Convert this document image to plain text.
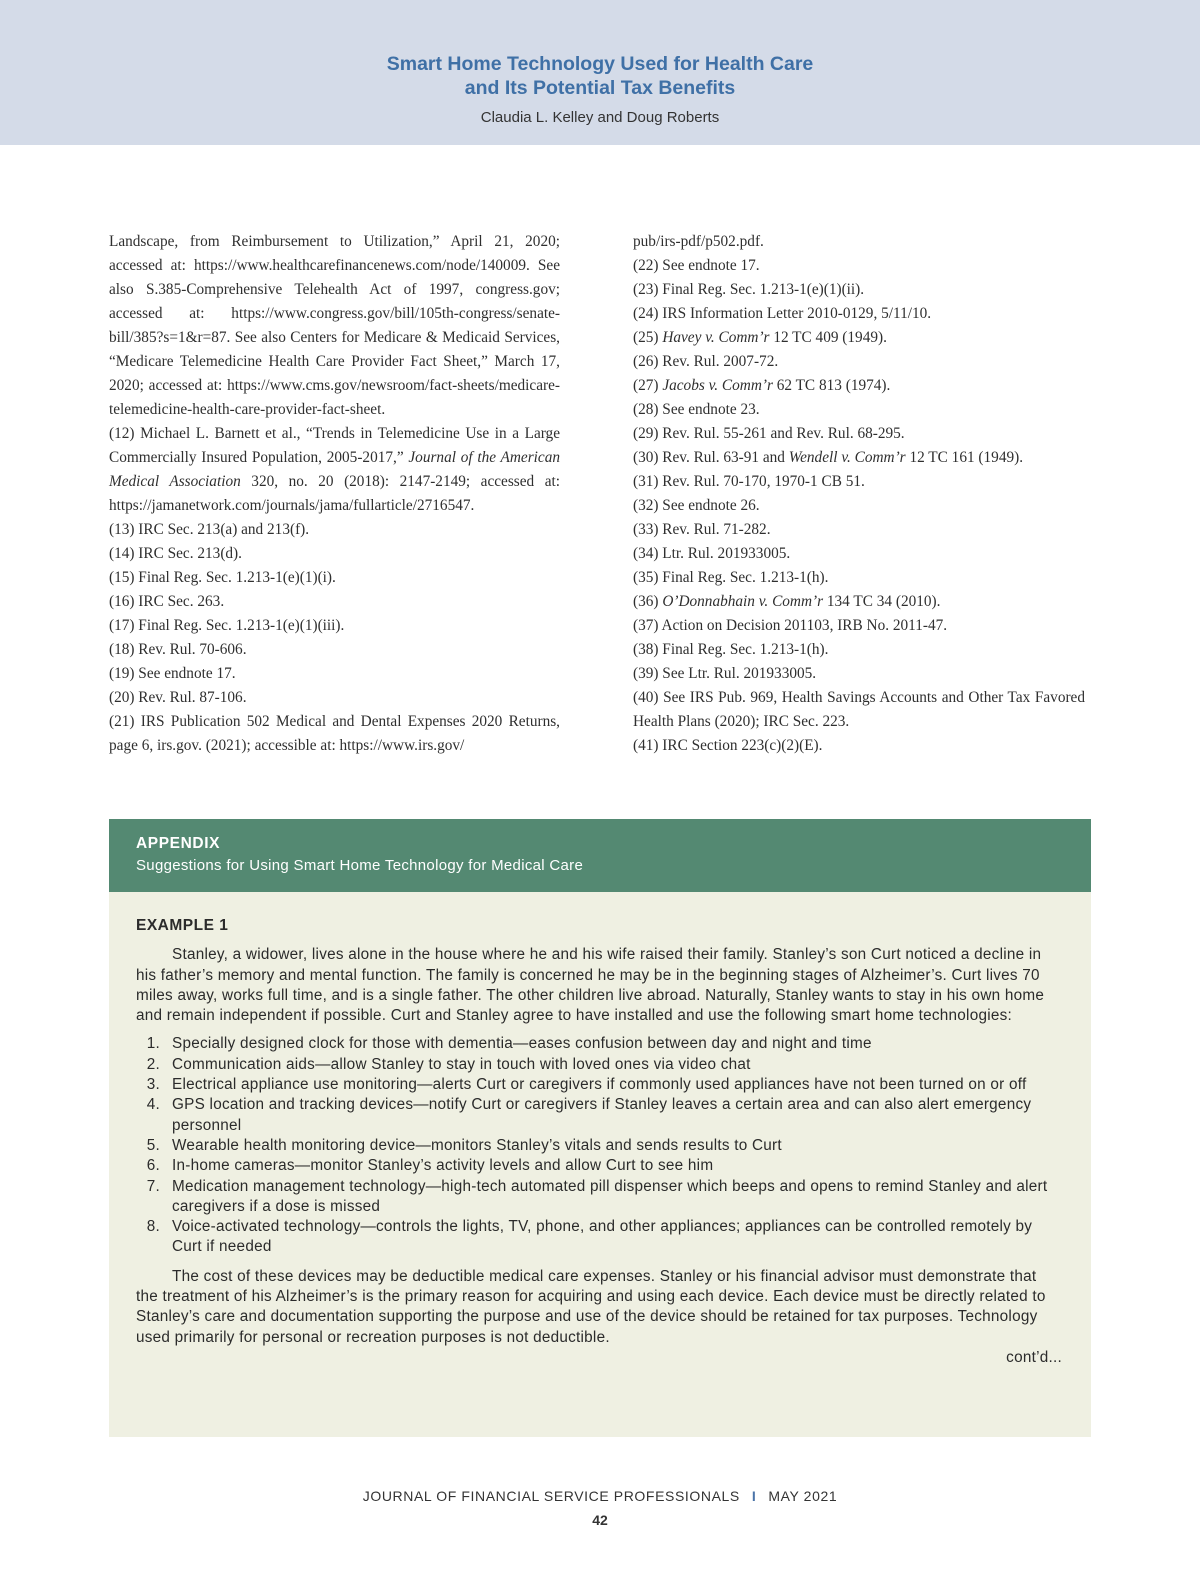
Smart Home Technology Used for Health Care
and Its Potential Tax Benefits
Claudia L. Kelley and Doug Roberts

Landscape, from Reimbursement to Utilization,” April 21, 2020; accessed at: https://www.healthcarefinancenews.com/node/140009. See also S.385-Comprehensive Telehealth Act of 1997, congress.gov; accessed at: https://www.congress.gov/bill/105th-congress/senate-bill/385?s=1&r=87. See also Centers for Medicare & Medicaid Services, “Medicare Telemedicine Health Care Provider Fact Sheet,” March 17, 2020; accessed at: https://www.cms.gov/newsroom/fact-sheets/medicare-telemedicine-health-care-provider-fact-sheet.

(12) Michael L. Barnett et al., “Trends in Telemedicine Use in a Large Commercially Insured Population, 2005-2017,” Journal of the American Medical Association 320, no. 20 (2018): 2147-2149; accessed at: https://jamanetwork.com/journals/jama/fullarticle/2716547.

(13) IRC Sec. 213(a) and 213(f).

(14) IRC Sec. 213(d).

(15) Final Reg. Sec. 1.213-1(e)(1)(i).

(16) IRC Sec. 263.

(17) Final Reg. Sec. 1.213-1(e)(1)(iii).

(18) Rev. Rul. 70-606.

(19) See endnote 17.

(20) Rev. Rul. 87-106.

(21) IRS Publication 502 Medical and Dental Expenses 2020 Returns, page 6, irs.gov. (2021); accessible at: https://www.irs.gov/

pub/irs-pdf/p502.pdf.

(22) See endnote 17.

(23) Final Reg. Sec. 1.213-1(e)(1)(ii).

(24) IRS Information Letter 2010-0129, 5/11/10.

(25) Havey v. Comm’r 12 TC 409 (1949).

(26) Rev. Rul. 2007-72.

(27) Jacobs v. Comm’r 62 TC 813 (1974).

(28) See endnote 23.

(29) Rev. Rul. 55-261 and Rev. Rul. 68-295.

(30) Rev. Rul. 63-91 and Wendell v. Comm’r 12 TC 161 (1949).

(31) Rev. Rul. 70-170, 1970-1 CB 51.

(32) See endnote 26.

(33) Rev. Rul. 71-282.

(34) Ltr. Rul. 201933005.

(35) Final Reg. Sec. 1.213-1(h).

(36) O’Donnabhain v. Comm’r 134 TC 34 (2010).

(37) Action on Decision 201103, IRB No. 2011-47.

(38) Final Reg. Sec. 1.213-1(h).

(39) See Ltr. Rul. 201933005.

(40) See IRS Pub. 969, Health Savings Accounts and Other Tax Favored Health Plans (2020); IRC Sec. 223.

(41) IRC Section 223(c)(2)(E).

APPENDIX
Suggestions for Using Smart Home Technology for Medical Care
EXAMPLE 1

Stanley, a widower, lives alone in the house where he and his wife raised their family. Stanley’s son Curt noticed a decline in his father’s memory and mental function. The family is concerned he may be in the beginning stages of Alzheimer’s. Curt lives 70 miles away, works full time, and is a single father. The other children live abroad. Naturally, Stanley wants to stay in his own home and remain independent if possible. Curt and Stanley agree to have installed and use the following smart home technologies:

1. Specially designed clock for those with dementia—eases confusion between day and night and time
2. Communication aids—allow Stanley to stay in touch with loved ones via video chat
3. Electrical appliance use monitoring—alerts Curt or caregivers if commonly used appliances have not been turned on or off
4. GPS location and tracking devices—notify Curt or caregivers if Stanley leaves a certain area and can also alert emergency personnel
5. Wearable health monitoring device—monitors Stanley’s vitals and sends results to Curt
6. In-home cameras—monitor Stanley’s activity levels and allow Curt to see him
7. Medication management technology—high-tech automated pill dispenser which beeps and opens to remind Stanley and alert caregivers if a dose is missed
8. Voice-activated technology—controls the lights, TV, phone, and other appliances; appliances can be controlled remotely by Curt if needed

The cost of these devices may be deductible medical care expenses. Stanley or his financial advisor must demonstrate that the treatment of his Alzheimer’s is the primary reason for acquiring and using each device. Each device must be directly related to Stanley’s care and documentation supporting the purpose and use of the device should be retained for tax purposes. Technology used primarily for personal or recreation purposes is not deductible.

cont’d...

JOURNAL OF FINANCIAL SERVICE PROFESSIONALS I MAY 2021
42
